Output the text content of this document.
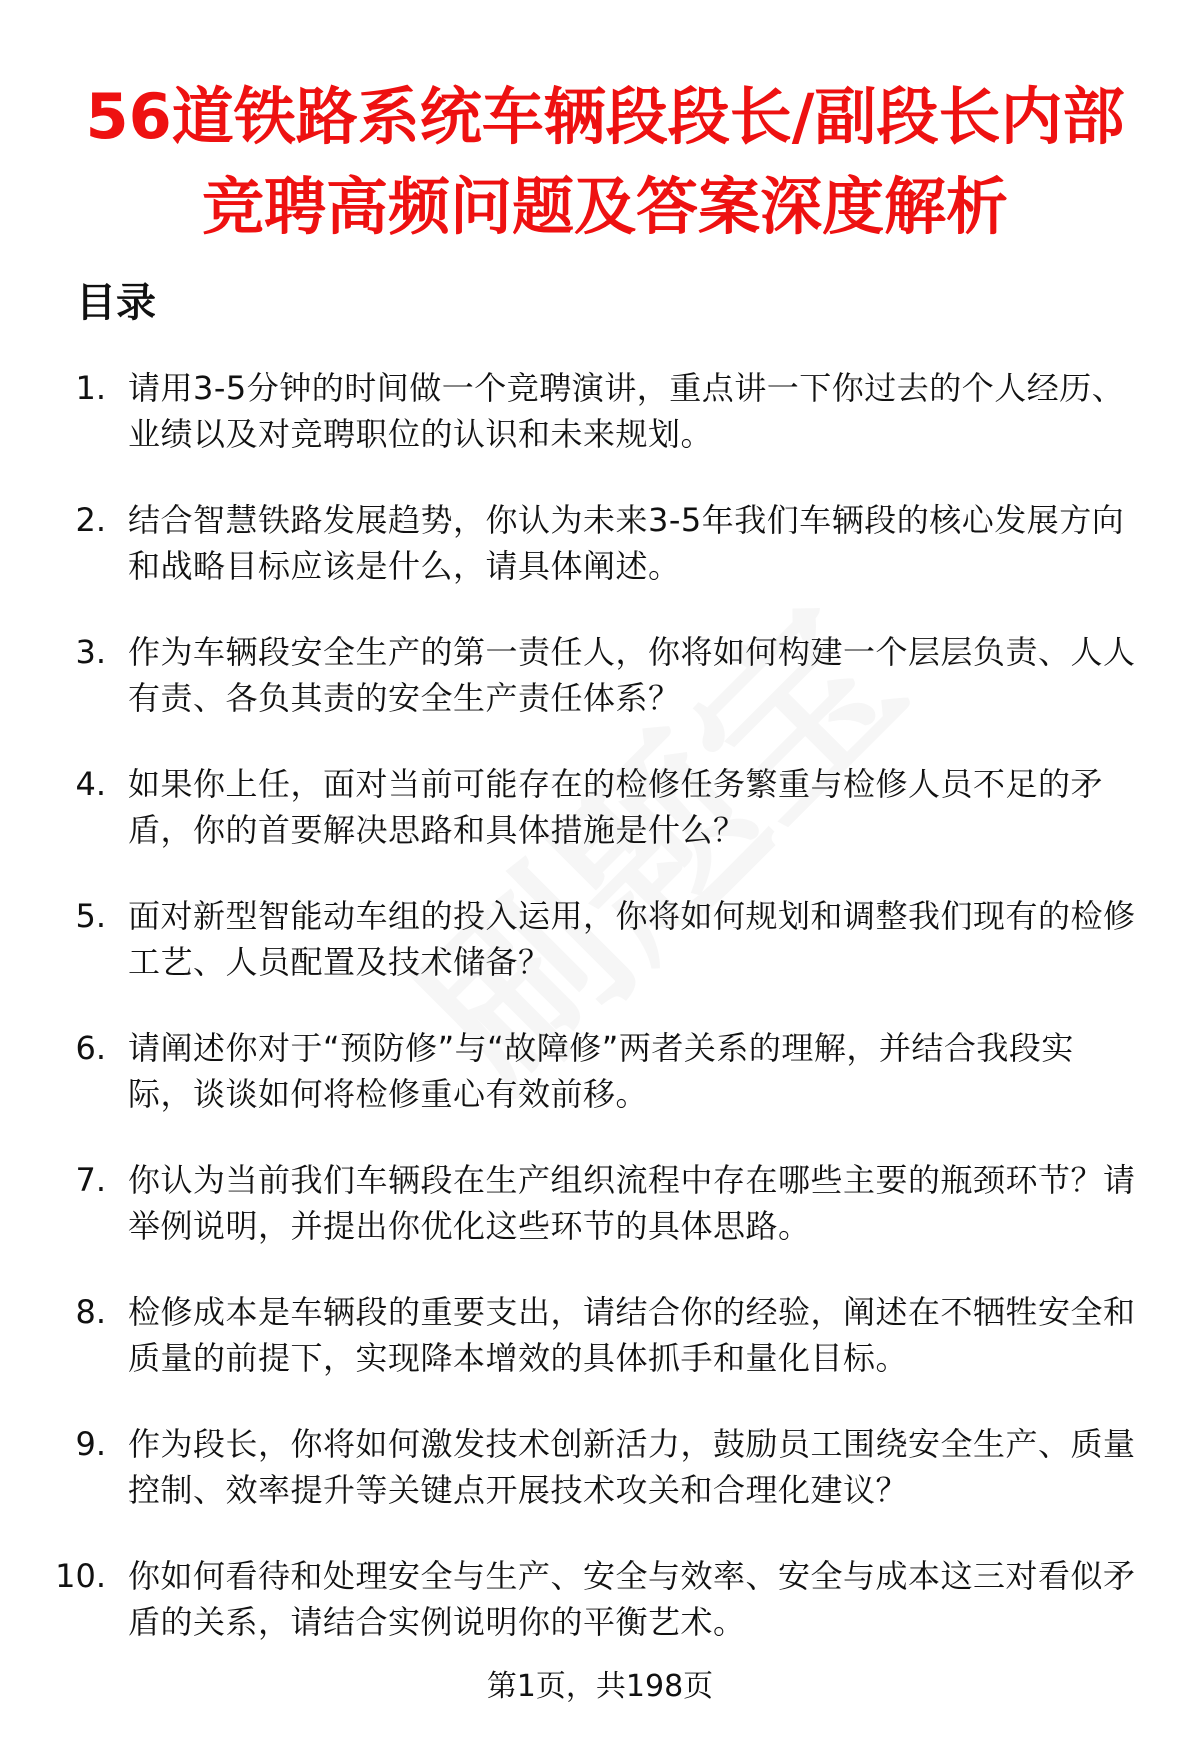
56道铁路系统车辆段段长/副段长内部竞聘高频问题及答案深度解析
目录
1. 请用3-5分钟的时间做一个竞聘演讲，重点讲一下你过去的个人经历、业绩以及对竞聘职位的认识和未来规划。
2. 结合智慧铁路发展趋势，你认为未来3-5年我们车辆段的核心发展方向和战略目标应该是什么，请具体阐述。
3. 作为车辆段安全生产的第一责任人，你将如何构建一个层层负责、人人有责、各负其责的安全生产责任体系？
4. 如果你上任，面对当前可能存在的检修任务繁重与检修人员不足的矛盾，你的首要解决思路和具体措施是什么？
5. 面对新型智能动车组的投入运用，你将如何规划和调整我们现有的检修工艺、人员配置及技术储备？
6. 请阐述你对于“预防修”与“故障修”两者关系的理解，并结合我段实际，谈谈如何将检修重心有效前移。
7. 你认为当前我们车辆段在生产组织流程中存在哪些主要的瓶颈环节？请举例说明，并提出你优化这些环节的具体思路。
8. 检修成本是车辆段的重要支出，请结合你的经验，阐述在不牺牲安全和质量的前提下，实现降本增效的具体抓手和量化目标。
9. 作为段长，你将如何激发技术创新活力，鼓励员工围绕安全生产、质量控制、效率提升等关键点开展技术攻关和合理化建议？
10. 你如何看待和处理安全与生产、安全与效率、安全与成本这三对看似矛盾的关系，请结合实例说明你的平衡艺术。
第1页，共198页
